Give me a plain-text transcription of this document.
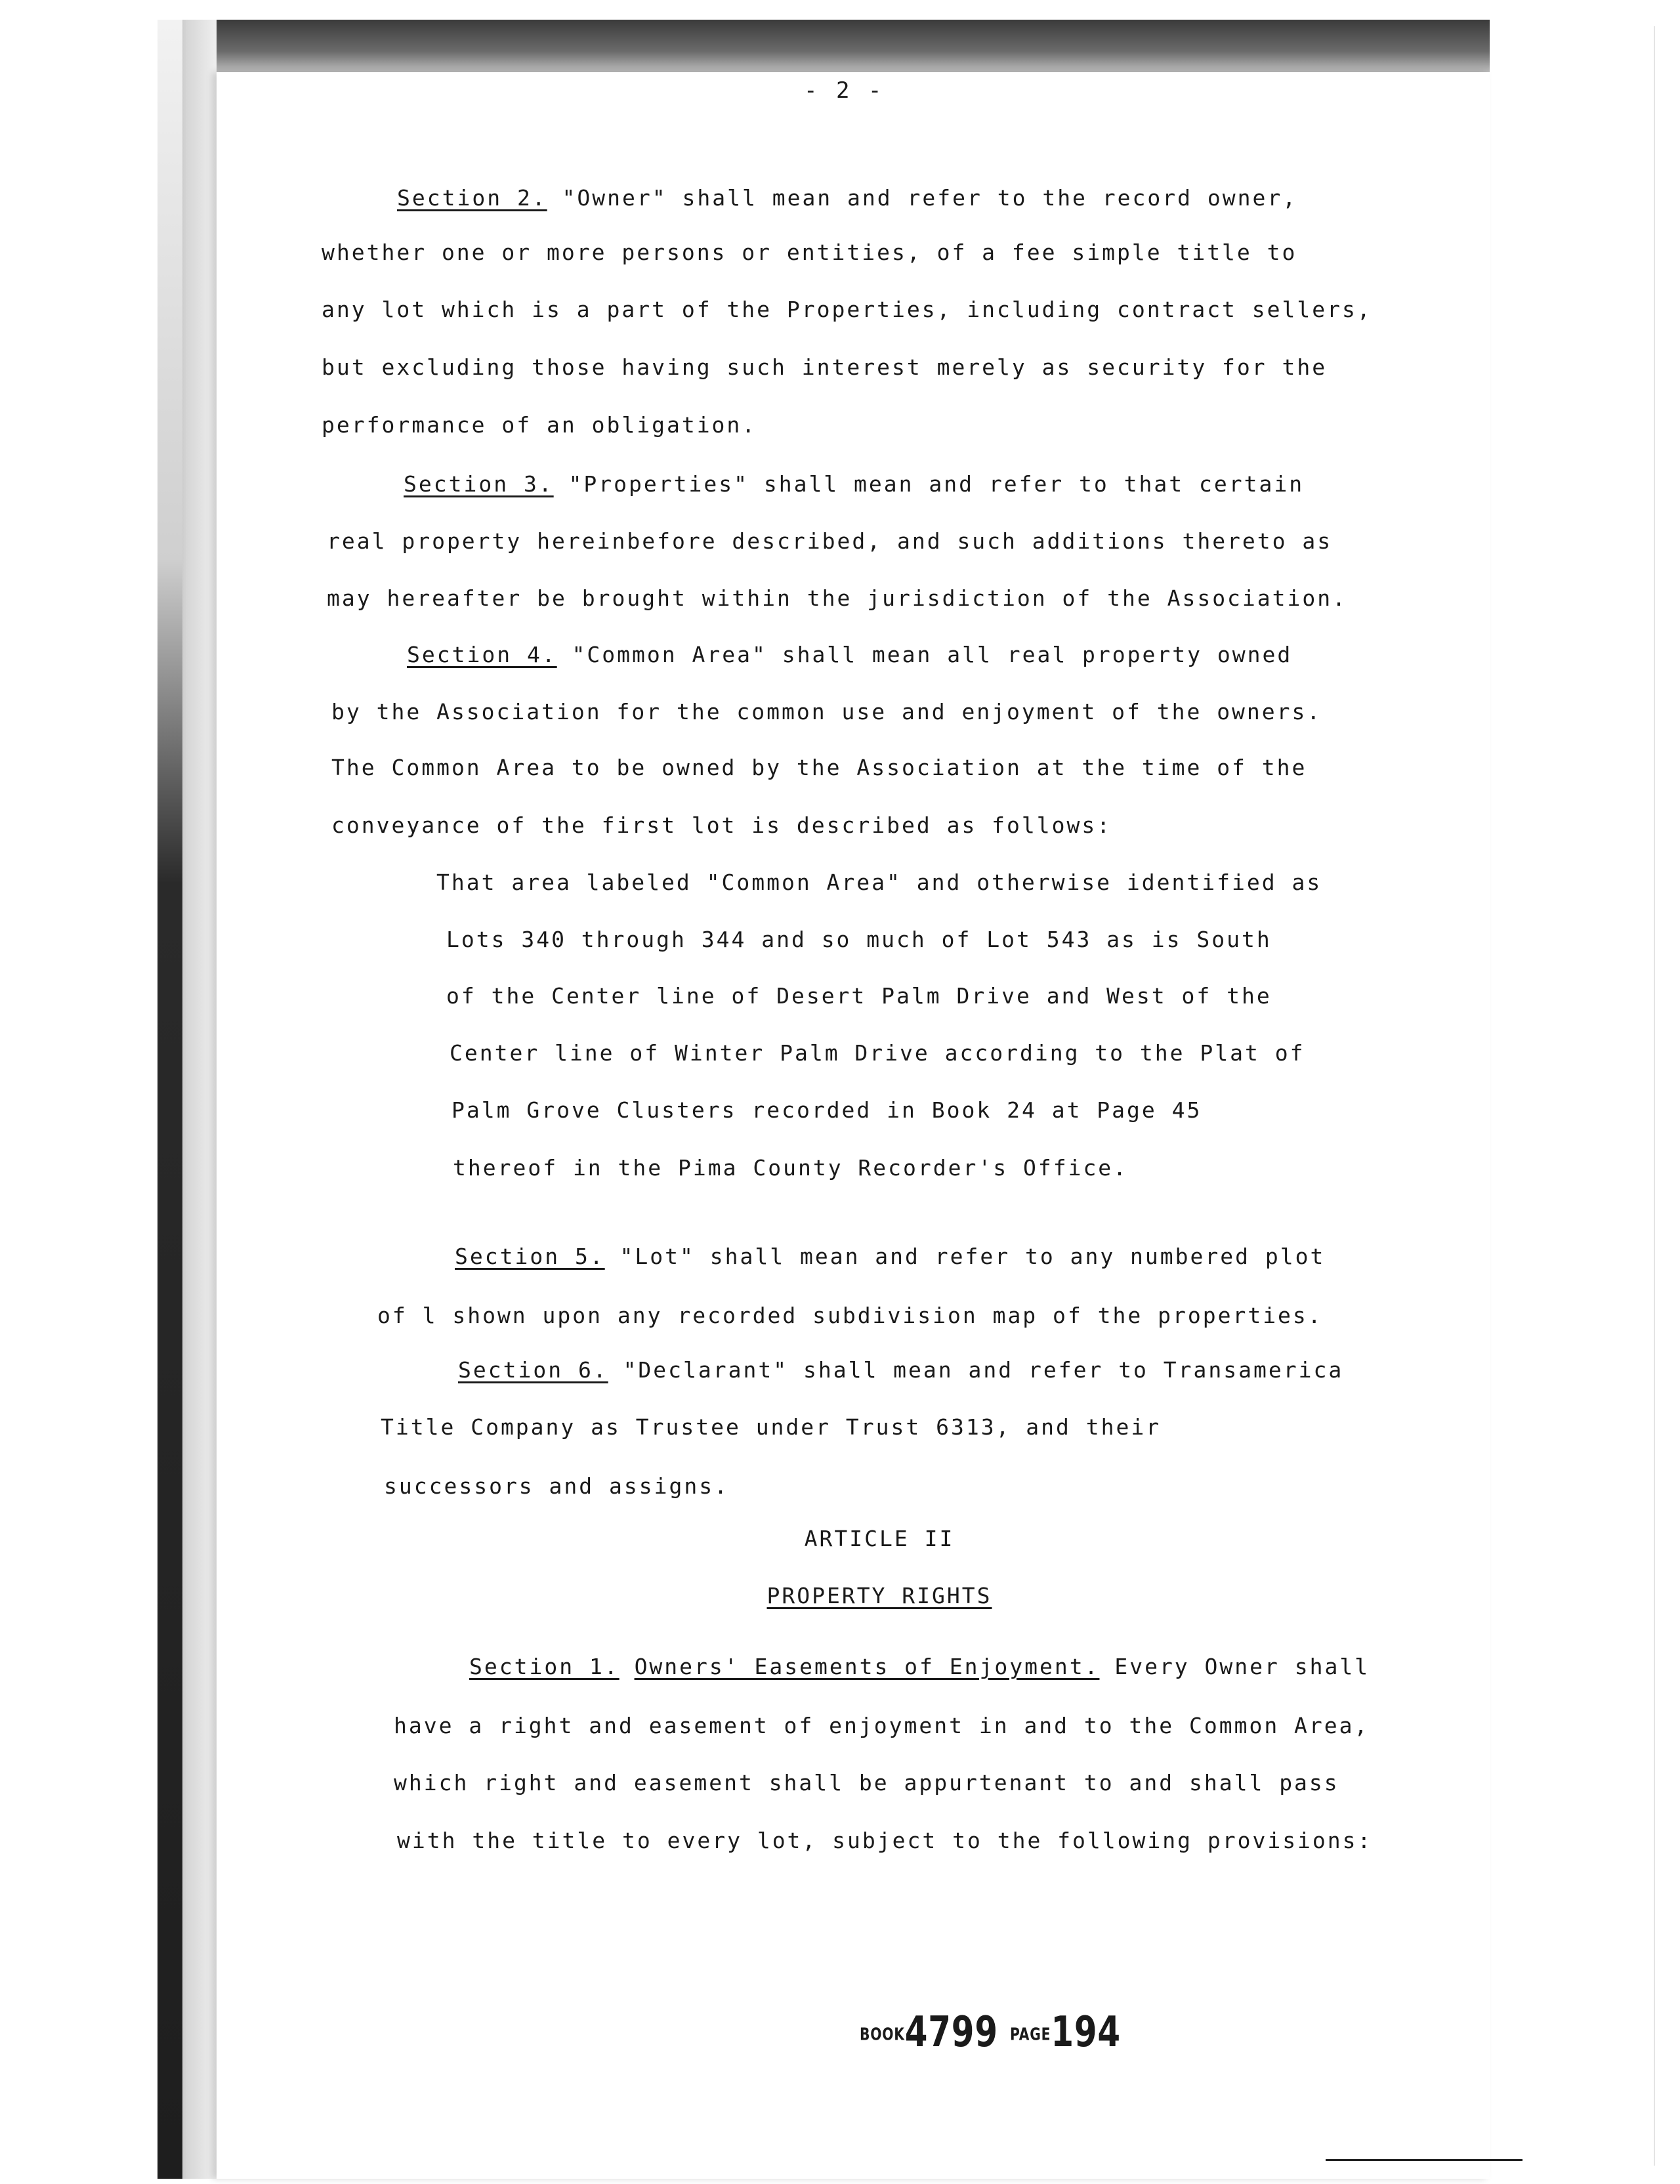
- 2 -
Section 2. "Owner" shall mean and refer to the record owner,
whether one or more persons or entities, of a fee simple title to
any lot which is a part of the Properties, including contract sellers,
but excluding those having such interest merely as security for the
performance of an obligation.
Section 3. "Properties" shall mean and refer to that certain
real property hereinbefore described, and such additions thereto as
may hereafter be brought within the jurisdiction of the Association.
Section 4. "Common Area" shall mean all real property owned
by the Association for the common use and enjoyment of the owners.
The Common Area to be owned by the Association at the time of the
conveyance of the first lot is described as follows:
That area labeled "Common Area" and otherwise identified as
Lots 340 through 344 and so much of Lot 543 as is South
of the Center line of Desert Palm Drive and West of the
Center line of Winter Palm Drive according to the Plat of
Palm Grove Clusters recorded in Book 24 at Page 45
thereof in the Pima County Recorder's Office.
Section 5. "Lot" shall mean and refer to any numbered plot
of l shown upon any recorded subdivision map of the properties.
Section 6. "Declarant" shall mean and refer to Transamerica
Title Company as Trustee under Trust 6313, and their
successors and assigns.
ARTICLE II
PROPERTY RIGHTS
Section 1. Owners' Easements of Enjoyment. Every Owner shall
have a right and easement of enjoyment in and to the Common Area,
which right and easement shall be appurtenant to and shall pass
with the title to every lot, subject to the following provisions:
BOOK4799 PAGE194
